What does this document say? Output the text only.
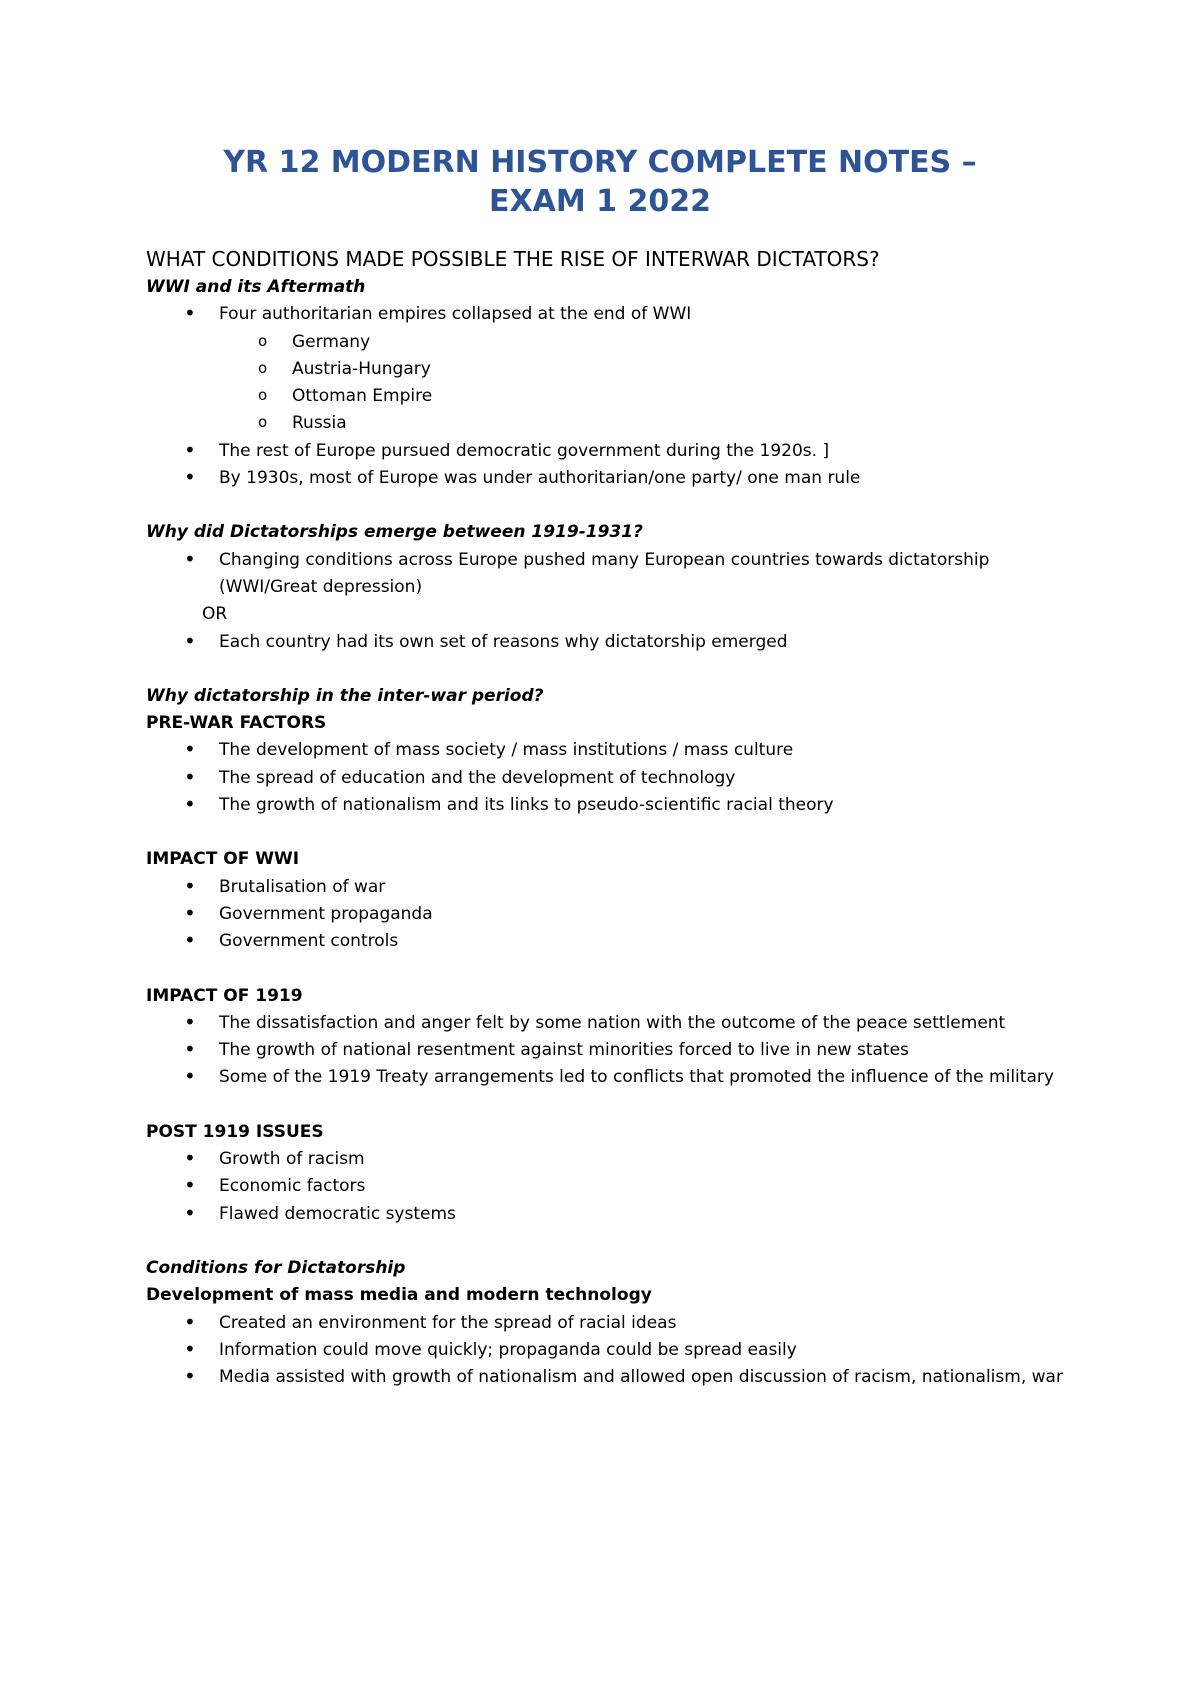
YR 12 MODERN HISTORY COMPLETE NOTES –
EXAM 1 2022

WHAT CONDITIONS MADE POSSIBLE THE RISE OF INTERWAR DICTATORS?

WWI and its Aftermath

• Four authoritarian empires collapsed at the end of WWI
o Germany
o Austria-Hungary
o Ottoman Empire
o Russia
• The rest of Europe pursued democratic government during the 1920s. ]
• By 1930s, most of Europe was under authoritarian/one party/ one man rule

Why did Dictatorships emerge between 1919-1931?

• Changing conditions across Europe pushed many European countries towards dictatorship (WWI/Great depression)
OR
• Each country had its own set of reasons why dictatorship emerged

Why dictatorship in the inter-war period?

PRE-WAR FACTORS

• The development of mass society / mass institutions / mass culture
• The spread of education and the development of technology
• The growth of nationalism and its links to pseudo-scientific racial theory

IMPACT OF WWI

• Brutalisation of war
• Government propaganda
• Government controls

IMPACT OF 1919

• The dissatisfaction and anger felt by some nation with the outcome of the peace settlement
• The growth of national resentment against minorities forced to live in new states
• Some of the 1919 Treaty arrangements led to conflicts that promoted the influence of the military

POST 1919 ISSUES

• Growth of racism
• Economic factors
• Flawed democratic systems

Conditions for Dictatorship

Development of mass media and modern technology

• Created an environment for the spread of racial ideas
• Information could move quickly; propaganda could be spread easily
• Media assisted with growth of nationalism and allowed open discussion of racism, nationalism, war
